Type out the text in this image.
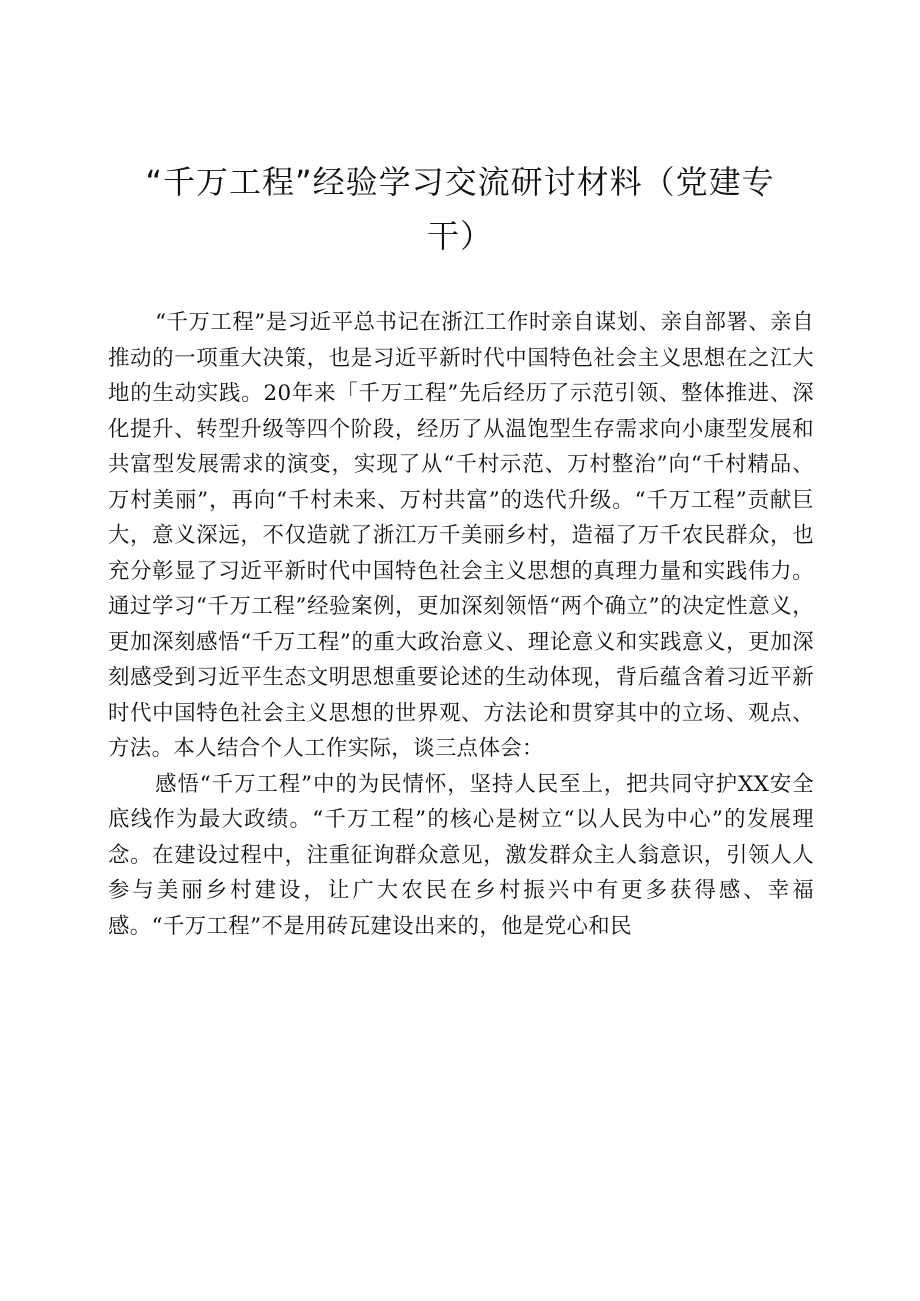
“千万工程”经验学习交流研讨材料（党建专
干）

“千万工程”是习近平总书记在浙江工作时亲自谋划、亲自部署、亲自推动的一项重大决策，也是习近平新时代中国特色社会主义思想在之江大地的生动实践。20年来「千万工程”先后经历了示范引领、整体推进、深化提升、转型升级等四个阶段，经历了从温饱型生存需求向小康型发展和共富型发展需求的演变，实现了从“千村示范、万村整治”向“千村精品、万村美丽”，再向“千村未来、万村共富”的迭代升级。“千万工程”贡献巨大，意义深远，不仅造就了浙江万千美丽乡村，造福了万千农民群众，也充分彰显了习近平新时代中国特色社会主义思想的真理力量和实践伟力。通过学习“千万工程”经验案例，更加深刻领悟“两个确立”的决定性意义，更加深刻感悟“千万工程”的重大政治意义、理论意义和实践意义，更加深刻感受到习近平生态文明思想重要论述的生动体现，背后蕴含着习近平新时代中国特色社会主义思想的世界观、方法论和贯穿其中的立场、观点、方法。本人结合个人工作实际，谈三点体会：

感悟“千万工程”中的为民情怀，坚持人民至上，把共同守护XX安全底线作为最大政绩。“千万工程”的核心是树立“以人民为中心”的发展理念。在建设过程中，注重征询群众意见，激发群众主人翁意识，引领人人参与美丽乡村建设，让广大农民在乡村振兴中有更多获得感、幸福感。“千万工程”不是用砖瓦建设出来的，他是党心和民
